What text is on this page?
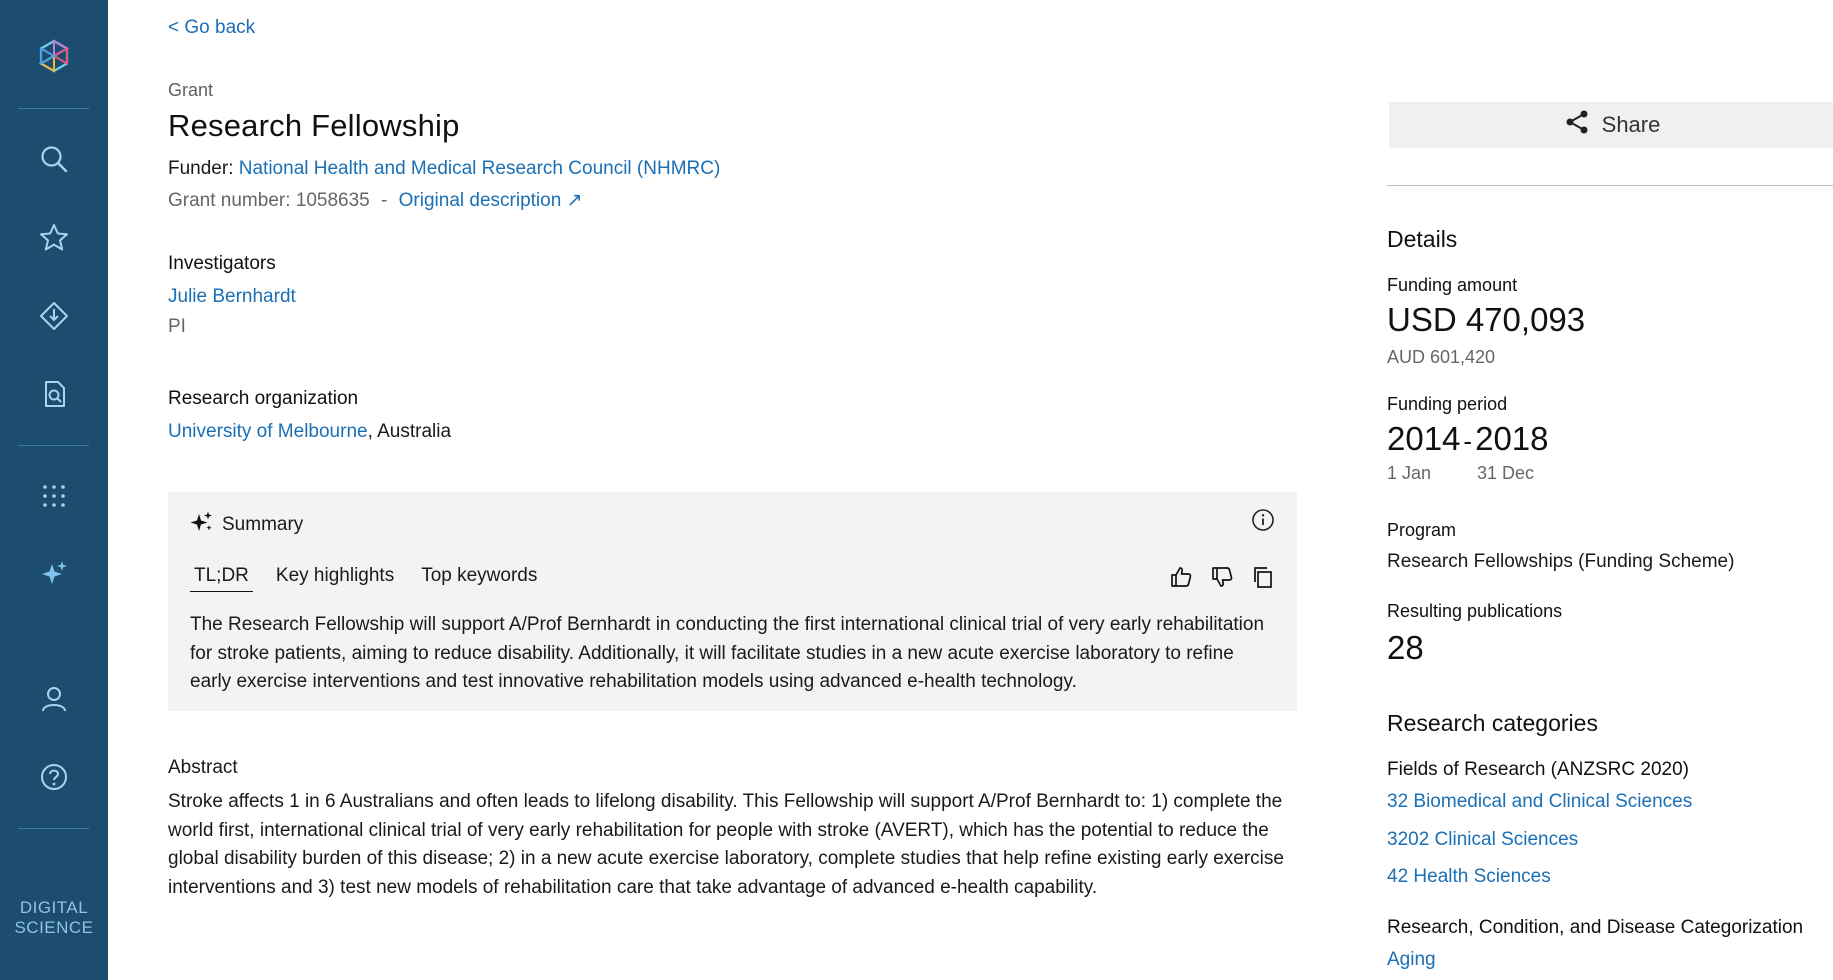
DIGITAL
SCIENCE
< Go back
Grant
Research Fellowship
Funder: National Health and Medical Research Council (NHMRC)
Grant number: 1058635 - Original description ↗
Investigators
Julie Bernhardt
PI
Research organization
University of Melbourne, Australia
Summary
TL;DR Key highlights Top keywords
The Research Fellowship will support A/Prof Bernhardt in conducting the first international clinical trial of very early rehabilitation for stroke patients, aiming to reduce disability. Additionally, it will facilitate studies in a new acute exercise laboratory to refine early exercise interventions and test innovative rehabilitation models using advanced e-health technology.
Abstract
Stroke affects 1 in 6 Australians and often leads to lifelong disability. This Fellowship will support A/Prof Bernhardt to: 1) complete the world first, international clinical trial of very early rehabilitation for people with stroke (AVERT), which has the potential to reduce the global disability burden of this disease; 2) in a new acute exercise laboratory, complete studies that help refine existing early exercise interventions and 3) test new models of rehabilitation care that take advantage of advanced e-health capability.
Share
Details
Funding amount
USD 470,093
AUD 601,420
Funding period
2014 -2018
1 Jan	31 Dec
Program
Research Fellowships (Funding Scheme)
Resulting publications
28
Research categories
Fields of Research (ANZSRC 2020)
32 Biomedical and Clinical Sciences
3202 Clinical Sciences
42 Health Sciences
Research, Condition, and Disease Categorization
Aging
